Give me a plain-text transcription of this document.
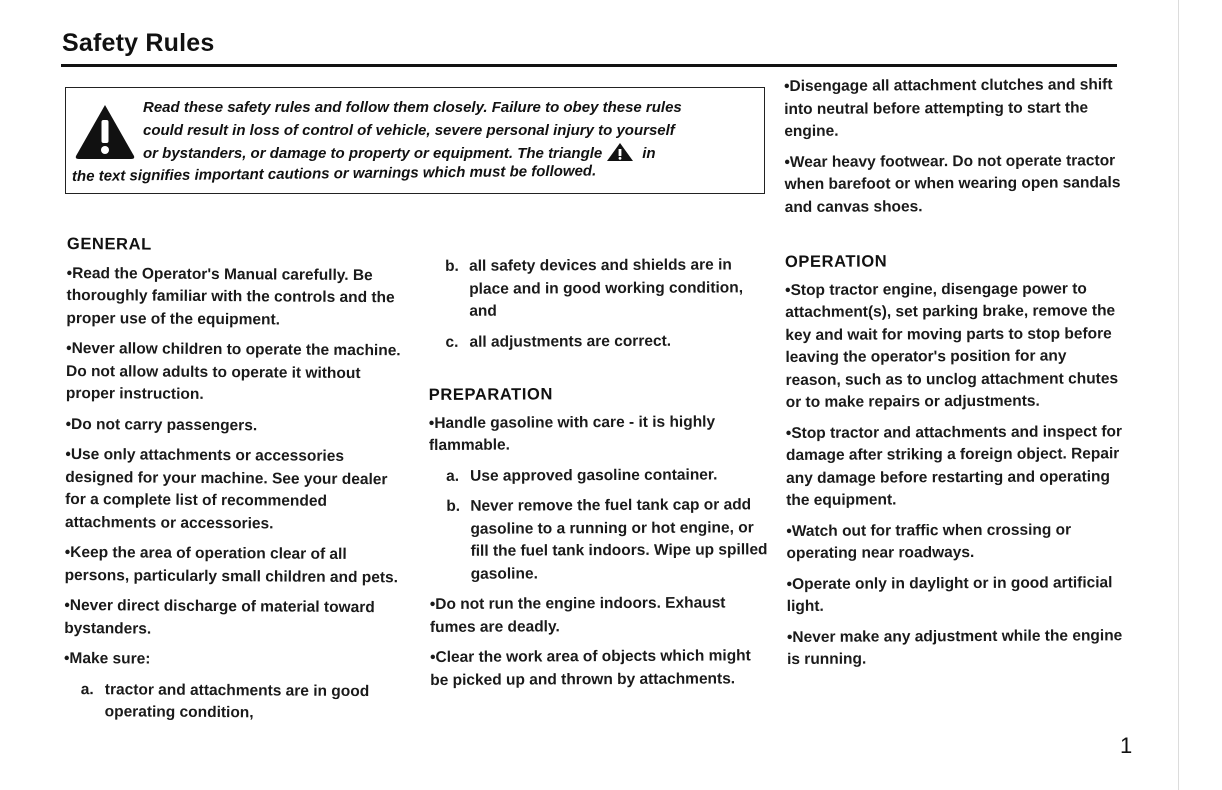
Safety Rules
Read these safety rules and follow them closely. Failure to obey these rules
could result in loss of control of vehicle, severe personal injury to yourself
or bystanders, or damage to property or equipment. The triangle	in
the text signifies important cautions or warnings which must be followed.
GENERAL

•Read the Operator's Manual carefully. Be thoroughly familiar with the controls and the proper use of the equipment.

•Never allow children to operate the machine. Do not allow adults to operate it without proper instruction.

•Do not carry passengers.

•Use only attachments or accessories designed for your machine. See your dealer for a complete list of recommended attachments or accessories.

•Keep the area of operation clear of all persons, particularly small children and pets.

•Never direct discharge of material toward bystanders.

•Make sure:

a. tractor and attachments are in good operating condition,

b. all safety devices and shields are in place and in good working condition, and

c. all adjustments are correct.

PREPARATION

•Handle gasoline with care - it is highly flammable.

a. Use approved gasoline container.

b. Never remove the fuel tank cap or add gasoline to a running or hot engine, or fill the fuel tank indoors. Wipe up spilled gasoline.

•Do not run the engine indoors. Exhaust fumes are deadly.

•Clear the work area of objects which might be picked up and thrown by attachments.

•Disengage all attachment clutches and shift into neutral before attempting to start the engine.

•Wear heavy footwear. Do not operate tractor when barefoot or when wearing open sandals and canvas shoes.

OPERATION

•Stop tractor engine, disengage power to attachment(s), set parking brake, remove the key and wait for moving parts to stop before leaving the operator's position for any reason, such as to unclog attachment chutes or to make repairs or adjustments.

•Stop tractor and attachments and inspect for damage after striking a foreign object. Repair any damage before restarting and operating the equipment.

•Watch out for traffic when crossing or operating near roadways.

•Operate only in daylight or in good artificial light.

•Never make any adjustment while the engine is running.

1
